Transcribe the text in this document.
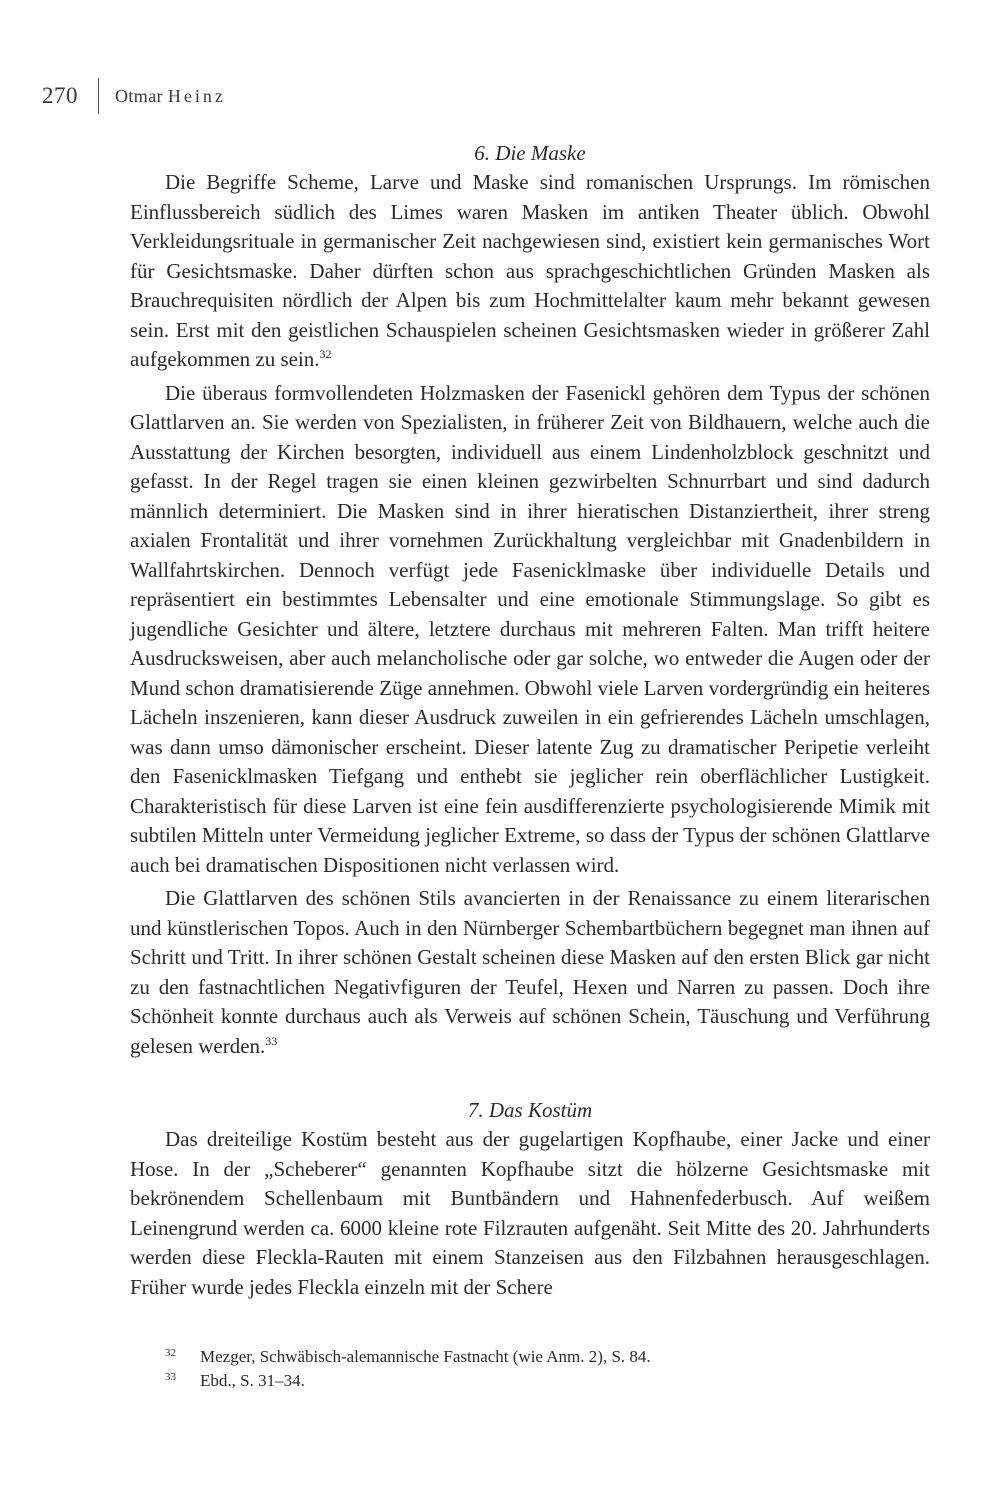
270 Otmar Heinz
6. Die Maske

Die Begriffe Scheme, Larve und Maske sind romanischen Ursprungs. Im römischen Einflussbereich südlich des Limes waren Masken im antiken Theater üblich. Obwohl Verkleidungsrituale in germanischer Zeit nachgewiesen sind, existiert kein germanisches Wort für Gesichtsmaske. Daher dürften schon aus sprachgeschichtlichen Gründen Masken als Brauchrequisiten nördlich der Alpen bis zum Hochmittelalter kaum mehr bekannt gewesen sein. Erst mit den geistlichen Schauspielen scheinen Gesichtsmasken wieder in größerer Zahl aufgekommen zu sein.$^{32}$

Die überaus formvollendeten Holzmasken der Fasenickl gehören dem Typus der schönen Glattlarven an. Sie werden von Spezialisten, in früherer Zeit von Bildhauern, welche auch die Ausstattung der Kirchen besorgten, individuell aus einem Lindenholzblock geschnitzt und gefasst. In der Regel tragen sie einen kleinen gezwirbelten Schnurrbart und sind dadurch männlich determiniert. Die Masken sind in ihrer hieratischen Distanziertheit, ihrer streng axialen Frontalität und ihrer vornehmen Zurückhaltung vergleichbar mit Gnadenbildern in Wallfahrtskirchen. Dennoch verfügt jede Fasenicklmaske über individuelle Details und repräsentiert ein bestimmtes Lebensalter und eine emotionale Stimmungslage. So gibt es jugendliche Gesichter und ältere, letztere durchaus mit mehreren Falten. Man trifft heitere Ausdrucksweisen, aber auch melancholische oder gar solche, wo entweder die Augen oder der Mund schon dramatisierende Züge annehmen. Obwohl viele Larven vordergründig ein heiteres Lächeln inszenieren, kann dieser Ausdruck zuweilen in ein gefrierendes Lächeln umschlagen, was dann umso dämonischer erscheint. Dieser latente Zug zu dramatischer Peripetie verleiht den Fasenicklmasken Tiefgang und enthebt sie jeglicher rein oberflächlicher Lustigkeit. Charakteristisch für diese Larven ist eine fein ausdifferenzierte psychologisierende Mimik mit subtilen Mitteln unter Vermeidung jeglicher Extreme, so dass der Typus der schönen Glattlarve auch bei dramatischen Dispositionen nicht verlassen wird.

Die Glattlarven des schönen Stils avancierten in der Renaissance zu einem literarischen und künstlerischen Topos. Auch in den Nürnberger Schembartbüchern begegnet man ihnen auf Schritt und Tritt. In ihrer schönen Gestalt scheinen diese Masken auf den ersten Blick gar nicht zu den fastnachtlichen Negativfiguren der Teufel, Hexen und Narren zu passen. Doch ihre Schönheit konnte durchaus auch als Verweis auf schönen Schein, Täuschung und Verführung gelesen werden.$^{33}$

7. Das Kostüm

Das dreiteilige Kostüm besteht aus der gugelartigen Kopfhaube, einer Jacke und einer Hose. In der „Scheberer“ genannten Kopfhaube sitzt die hölzerne Gesichtsmaske mit bekrönendem Schellenbaum mit Buntbändern und Hahnenfederbusch. Auf weißem Leinengrund werden ca. 6000 kleine rote Filzrauten aufgenäht. Seit Mitte des 20. Jahrhunderts werden diese Fleckla-Rauten mit einem Stanzeisen aus den Filzbahnen herausgeschlagen. Früher wurde jedes Fleckla einzeln mit der Schere

32	Mezger, Schwäbisch-alemannische Fastnacht (wie Anm. 2), S. 84.

33	Ebd., S. 31–34.
